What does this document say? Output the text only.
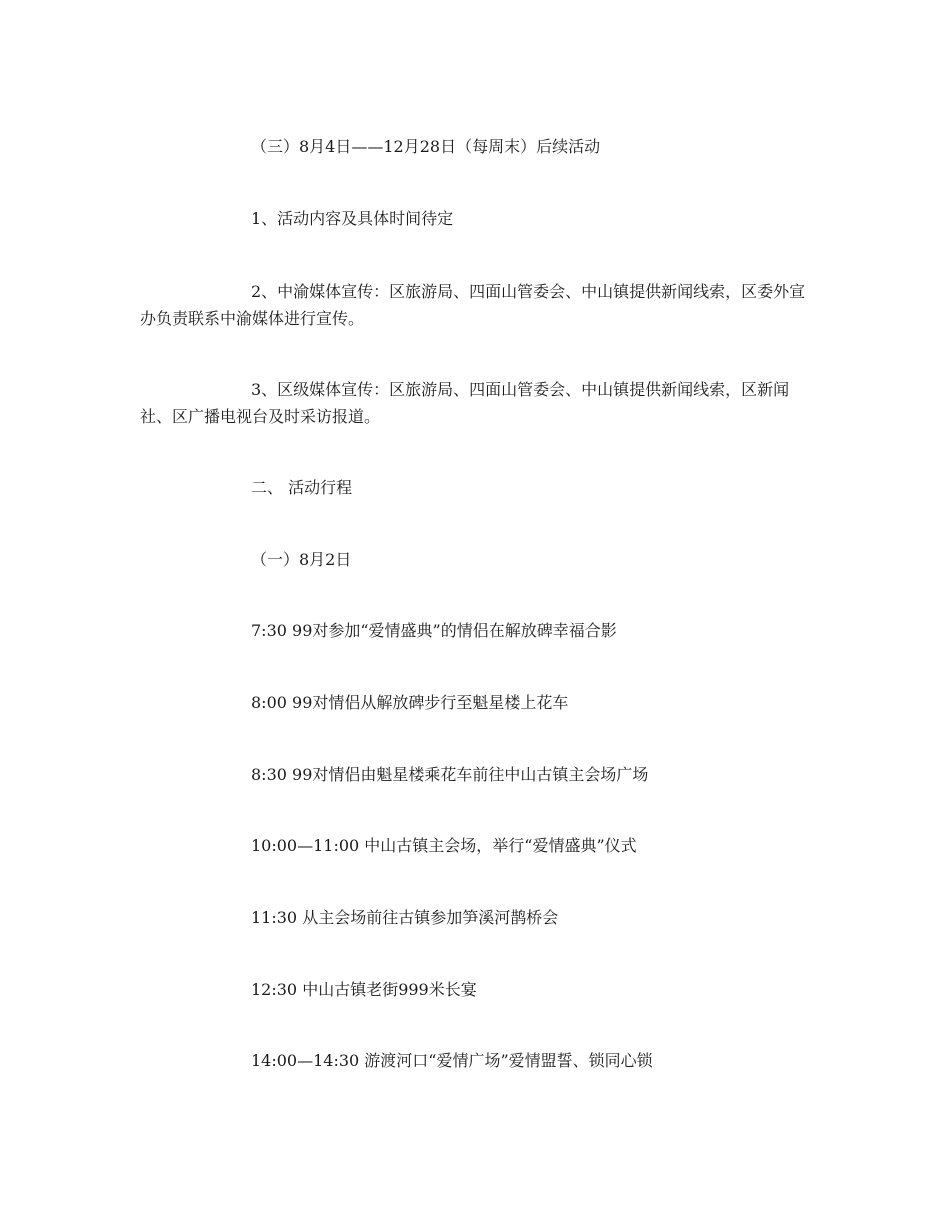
（三）8月4日——12月28日（每周末）后续活动
1、活动内容及具体时间待定
2、中渝媒体宣传：区旅游局、四面山管委会、中山镇提供新闻线索，区委外宣办负责联系中渝媒体进行宣传。
3、区级媒体宣传：区旅游局、四面山管委会、中山镇提供新闻线索，区新闻社、区广播电视台及时采访报道。
二、 活动行程
（一）8月2日
7:30 99对参加“爱情盛典”的情侣在解放碑幸福合影
8:00 99对情侣从解放碑步行至魁星楼上花车
8:30 99对情侣由魁星楼乘花车前往中山古镇主会场广场
10:00—11:00 中山古镇主会场，举行“爱情盛典”仪式
11:30 从主会场前往古镇参加笋溪河鹊桥会
12:30 中山古镇老街999米长宴
14:00—14:30 游渡河口“爱情广场”爱情盟誓、锁同心锁
